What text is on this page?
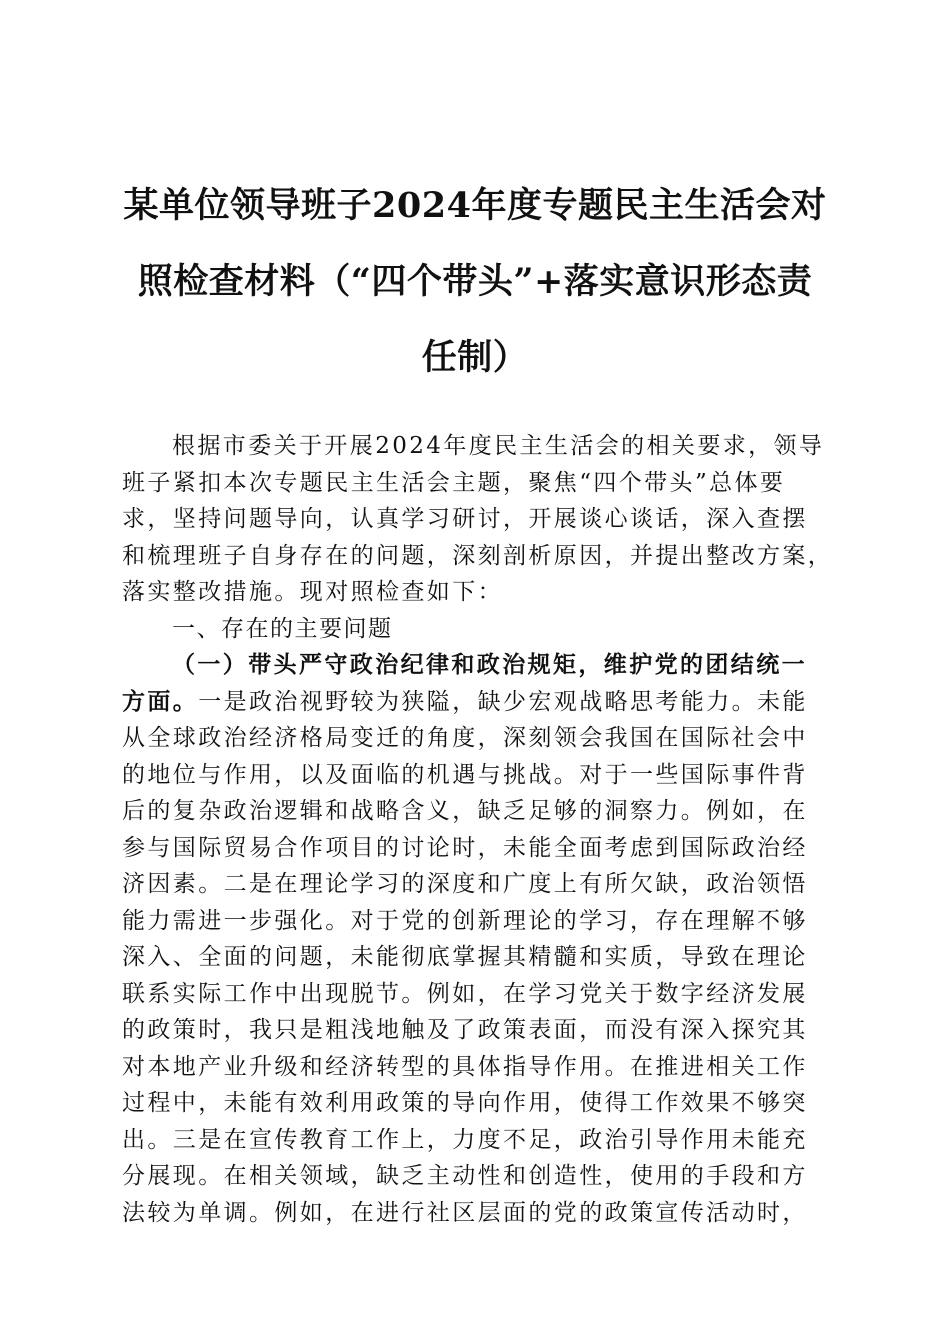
某单位领导班子2024年度专题民主生活会对
照检查材料（“四个带头”+落实意识形态责
任制）
根据市委关于开展2024年度民主生活会的相关要求，领导
班子紧扣本次专题民主生活会主题，聚焦“四个带头”总体要
求，坚持问题导向，认真学习研讨，开展谈心谈话，深入查摆
和梳理班子自身存在的问题，深刻剖析原因，并提出整改方案，
落实整改措施。现对照检查如下：
一、存在的主要问题
（一）带头严守政治纪律和政治规矩，维护党的团结统一
方面。一是政治视野较为狭隘，缺少宏观战略思考能力。未能
从全球政治经济格局变迁的角度，深刻领会我国在国际社会中
的地位与作用，以及面临的机遇与挑战。对于一些国际事件背
后的复杂政治逻辑和战略含义，缺乏足够的洞察力。例如，在
参与国际贸易合作项目的讨论时，未能全面考虑到国际政治经
济因素。二是在理论学习的深度和广度上有所欠缺，政治领悟
能力需进一步强化。对于党的创新理论的学习，存在理解不够
深入、全面的问题，未能彻底掌握其精髓和实质，导致在理论
联系实际工作中出现脱节。例如，在学习党关于数字经济发展
的政策时，我只是粗浅地触及了政策表面，而没有深入探究其
对本地产业升级和经济转型的具体指导作用。在推进相关工作
过程中，未能有效利用政策的导向作用，使得工作效果不够突
出。三是在宣传教育工作上，力度不足，政治引导作用未能充
分展现。在相关领域，缺乏主动性和创造性，使用的手段和方
法较为单调。例如，在进行社区层面的党的政策宣传活动时，
